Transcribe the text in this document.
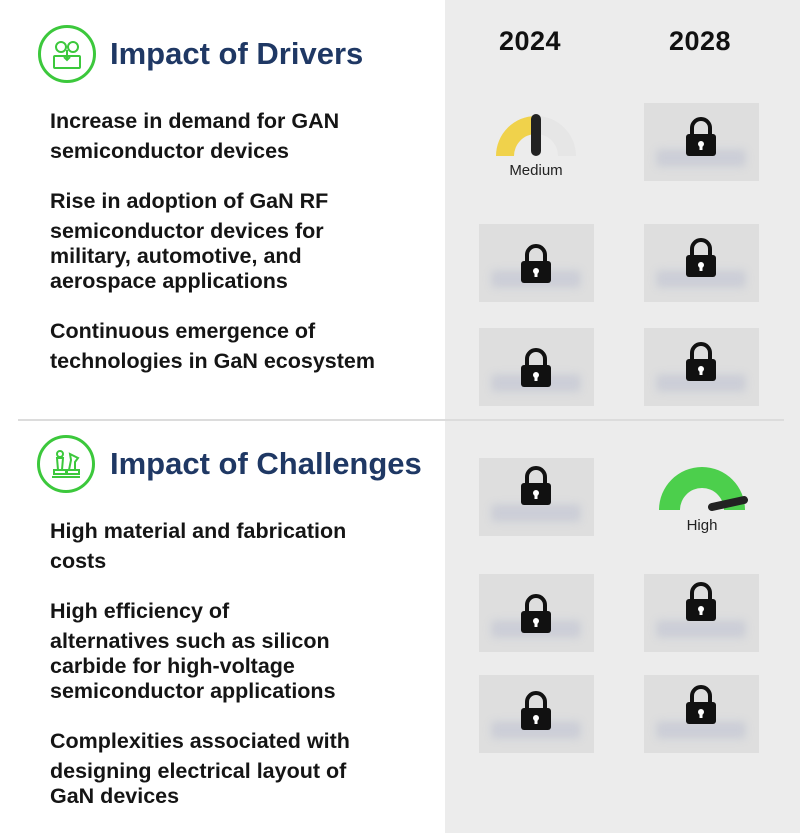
2024	2028
Impact of Drivers
Increase in demand for GAN
semiconductor devices
Rise in adoption of GaN RF
semiconductor devices for
military, automotive, and
aerospace applications
Continuous emergence of
technologies in GaN ecosystem
Medium
Impact of Challenges
High material and fabrication
costs
High efficiency of
alternatives such as silicon
carbide for high-voltage
semiconductor applications
Complexities associated with
designing electrical layout of
GaN devices
High
